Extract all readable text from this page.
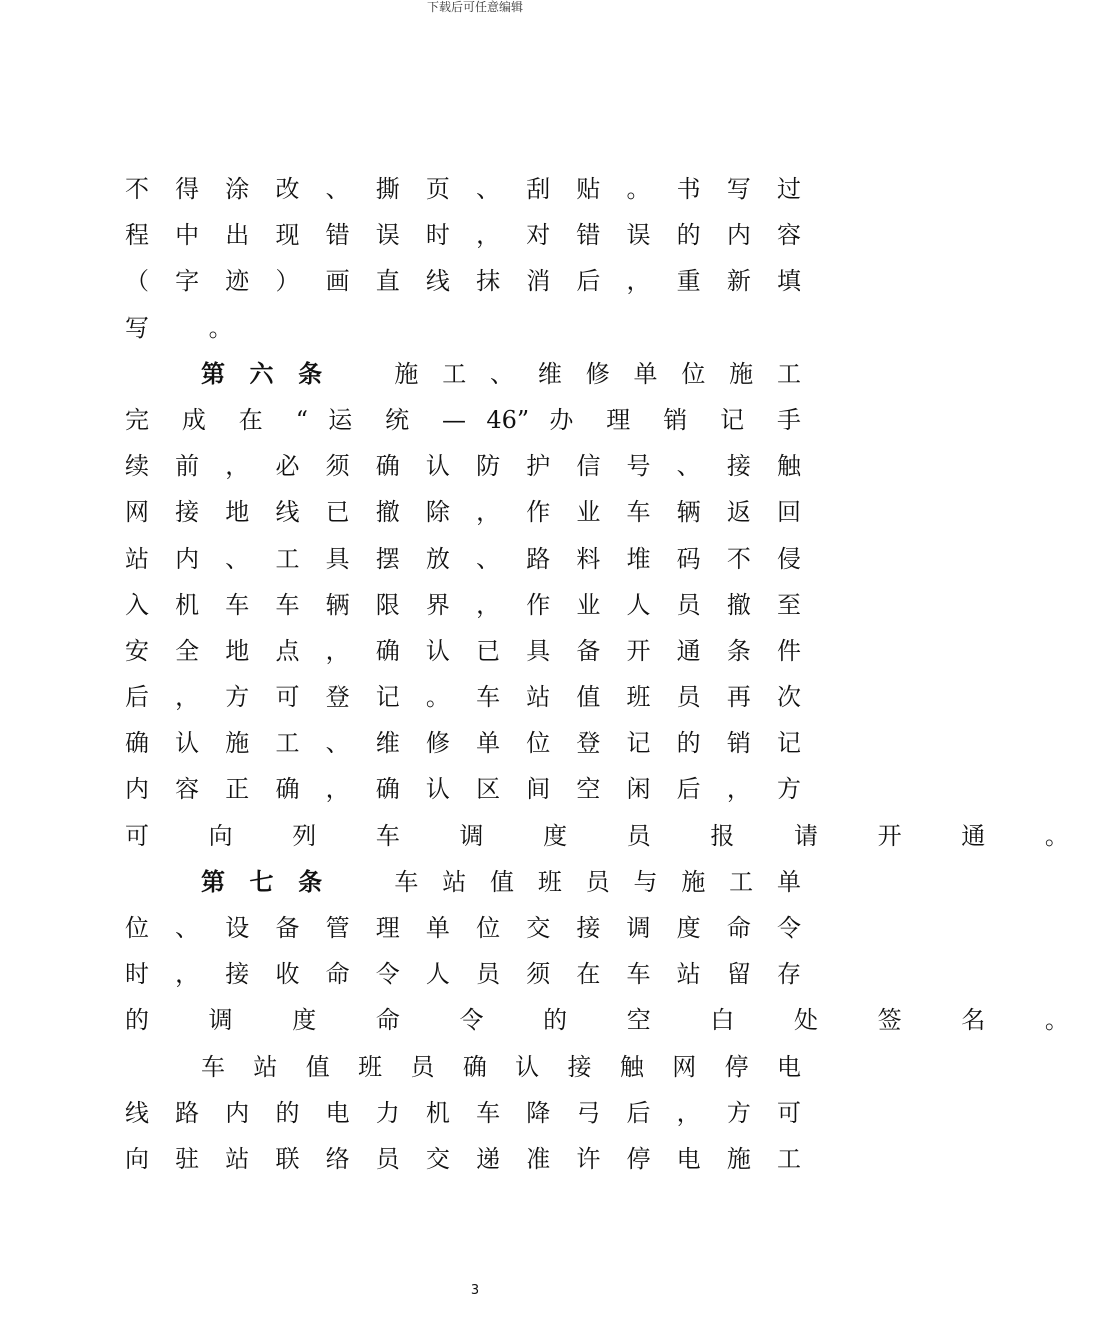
下载后可任意编辑
不 得 涂 改 、 撕 页 、 刮 贴 。 书 写 过
程 中 出 现 错 误 时 ， 对 错 误 的 内 容
（ 字 迹 ） 画 直 线 抹 消 后 ， 重 新 填
写 。
第 六 条　　	施 工 、 维 修 单 位 施 工
完 成 在 “ 运 统 — 46” 办 理 销 记 手
续 前 ， 必 须 确 认 防 护 信 号 、 接 触
网 接 地 线 已 撤 除 ， 作 业 车 辆 返 回
站 内 、 工 具 摆 放 、 路 料 堆 码 不 侵
入 机 车 车 辆 限 界 ， 作 业 人 员 撤 至
安 全 地 点 ， 确 认 已 具 备 开 通 条 件
后 ， 方 可 登 记 。 车 站 值 班 员 再 次
确 认 施 工 、 维 修 单 位 登 记 的 销 记
内 容 正 确 ， 确 认 区 间 空 闲 后 ， 方
可 向 列 车 调 度 员 报 请 开 通 。
第 七 条　　	车 站 值 班 员 与 施 工 单
位 、 设 备 管 理 单 位 交 接 调 度 命 令
时 ， 接 收 命 令 人 员 须 在 车 站 留 存
的 调 度 命 令 的 空 白 处 签 名 。
车 站 值 班 员 确 认 接 触 网 停 电
线 路 内 的 电 力 机 车 降 弓 后 ， 方 可
向 驻 站 联 络 员 交 递 准 许 停 电 施 工
3
